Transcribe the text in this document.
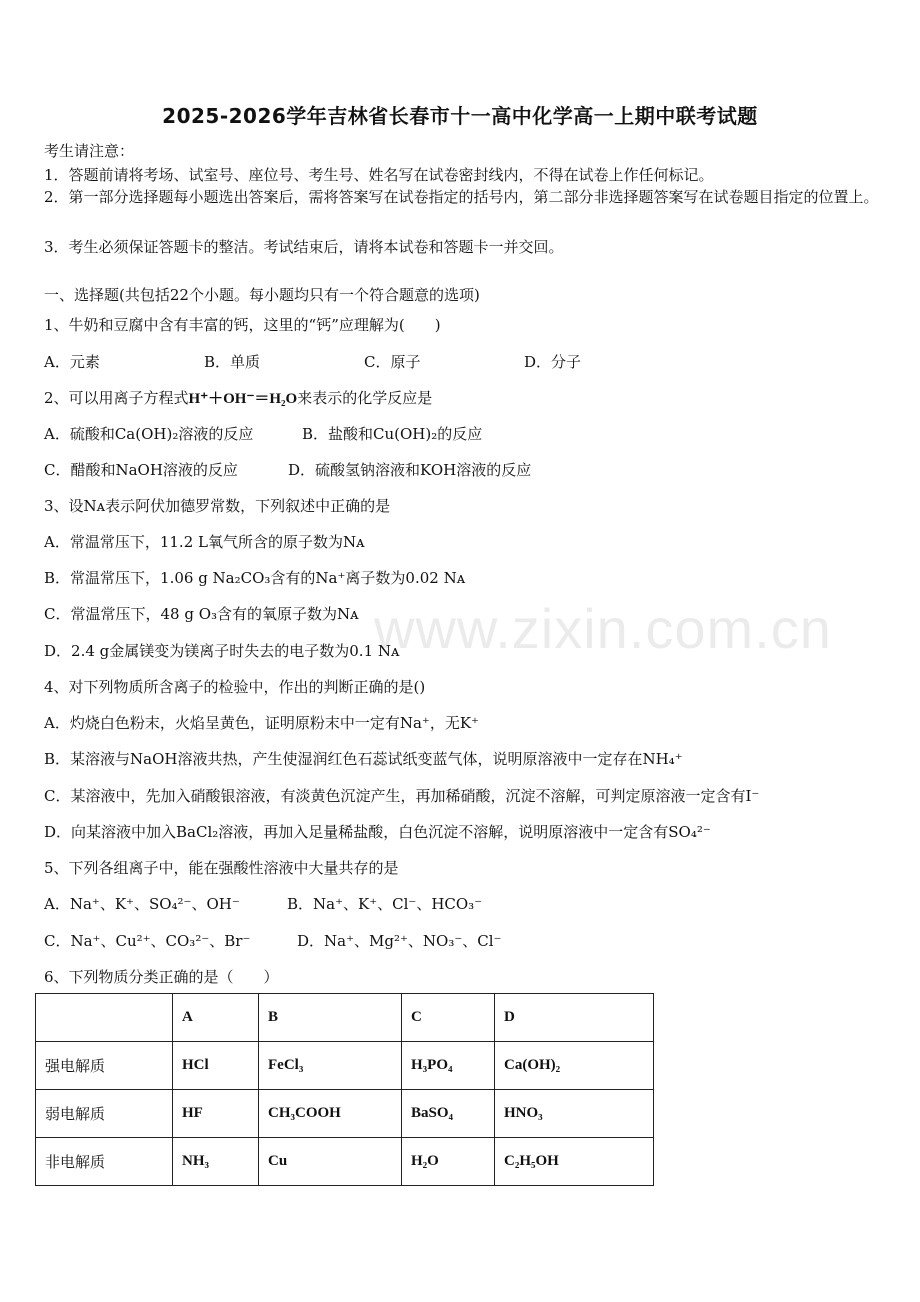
2025-2026学年吉林省长春市十一高中化学高一上期中联考试题
考生请注意：
1．答题前请将考场、试室号、座位号、考生号、姓名写在试卷密封线内，不得在试卷上作任何标记。
2．第一部分选择题每小题选出答案后，需将答案写在试卷指定的括号内，第二部分非选择题答案写在试卷题目指定的位置上。
3．考生必须保证答题卡的整洁。考试结束后，请将本试卷和答题卡一并交回。
一、选择题(共包括22个小题。每小题均只有一个符合题意的选项)
www.zixin.com.cn
1、牛奶和豆腐中含有丰富的钙，这里的“钙”应理解为(　　)
A．元素	B．单质	C．原子	D．分子
2、可以用离子方程式H⁺＋OH⁻＝H₂O来表示的化学反应是
A．硫酸和Ca(OH)₂溶液的反应	B．盐酸和Cu(OH)₂的反应
C．醋酸和NaOH溶液的反应	D．硫酸氢钠溶液和KOH溶液的反应
3、设Nᴀ表示阿伏加德罗常数，下列叙述中正确的是
A．常温常压下，11.2 L氧气所含的原子数为Nᴀ
B．常温常压下，1.06 g Na₂CO₃含有的Na⁺离子数为0.02 Nᴀ
C．常温常压下，48 g O₃含有的氧原子数为Nᴀ
D．2.4 g金属镁变为镁离子时失去的电子数为0.1 Nᴀ
4、对下列物质所含离子的检验中，作出的判断正确的是()
A．灼烧白色粉末，火焰呈黄色，证明原粉末中一定有Na⁺，无K⁺
B．某溶液与NaOH溶液共热，产生使湿润红色石蕊试纸变蓝气体，说明原溶液中一定存在NH₄⁺
C．某溶液中，先加入硝酸银溶液，有淡黄色沉淀产生，再加稀硝酸，沉淀不溶解，可判定原溶液一定含有I⁻
D．向某溶液中加入BaCl₂溶液，再加入足量稀盐酸，白色沉淀不溶解，说明原溶液中一定含有SO₄²⁻
5、下列各组离子中，能在强酸性溶液中大量共存的是
A．Na⁺、K⁺、SO₄²⁻、OH⁻	B．Na⁺、K⁺、Cl⁻、HCO₃⁻
C．Na⁺、Cu²⁺、CO₃²⁻、Br⁻	D．Na⁺、Mg²⁺、NO₃⁻、Cl⁻
6、下列物质分类正确的是（　　）
	A	B	C	D
强电解质	HCl	FeCl₃	H₃PO₄	Ca(OH)₂
弱电解质	HF	CH₃COOH	BaSO₄	HNO₃
非电解质	NH₃	Cu	H₂O	C₂H₅OH
